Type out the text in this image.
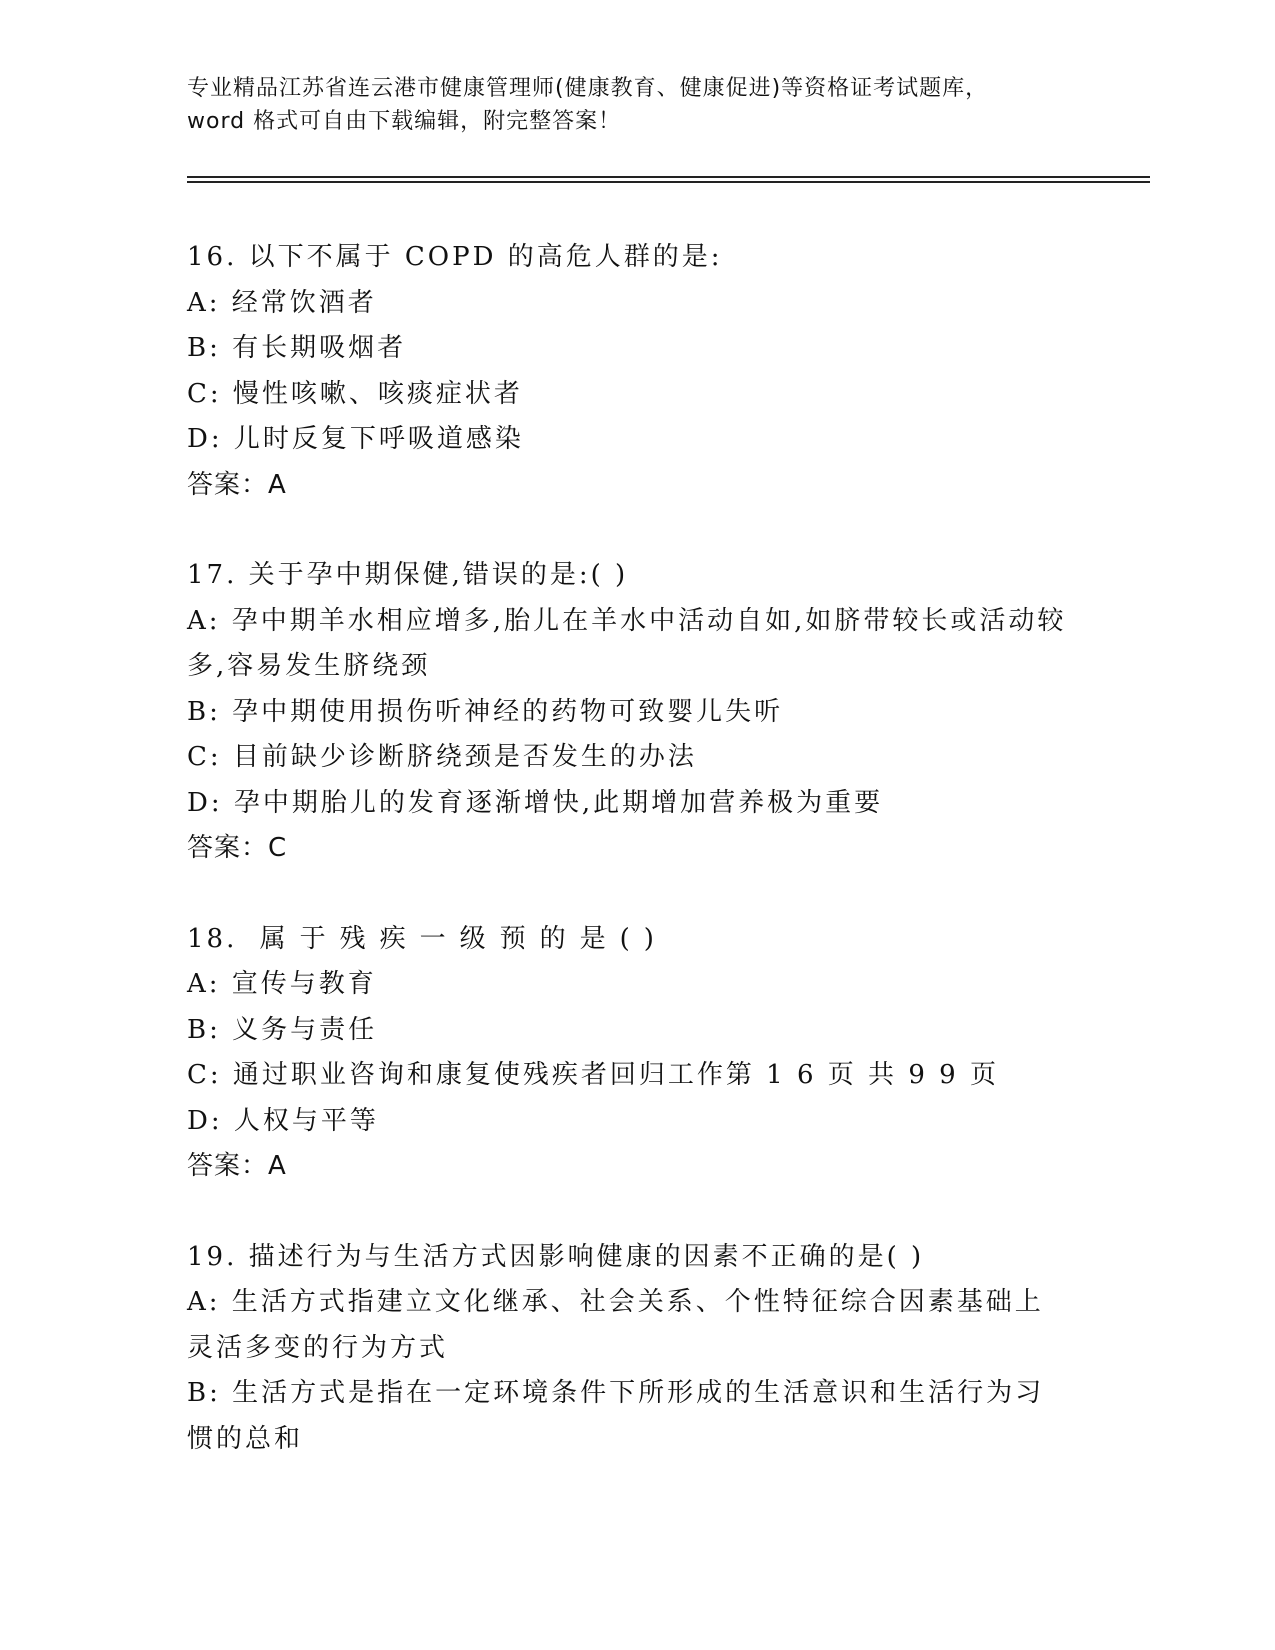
专业精品江苏省连云港市健康管理师(健康教育、健康促进)等资格证考试题库，
word 格式可自由下载编辑，附完整答案！
16. 以下不属于 COPD 的高危人群的是:
A: 经常饮酒者
B: 有长期吸烟者
C: 慢性咳嗽、咳痰症状者
D: 儿时反复下呼吸道感染
答案：A
17. 关于孕中期保健,错误的是:( )
A: 孕中期羊水相应增多,胎儿在羊水中活动自如,如脐带较长或活动较多,容易发生脐绕颈
B: 孕中期使用损伤听神经的药物可致婴儿失听
C: 目前缺少诊断脐绕颈是否发生的办法
D: 孕中期胎儿的发育逐渐增快,此期增加营养极为重要
答案：C
18. 属于残疾一级预的是()
A: 宣传与教育
B: 义务与责任
C: 通过职业咨询和康复使残疾者回归工作第 1 6 页 共 9 9 页
D: 人权与平等
答案：A
19. 描述行为与生活方式因影响健康的因素不正确的是( )
A: 生活方式指建立文化继承、社会关系、个性特征综合因素基础上灵活多变的行为方式
B: 生活方式是指在一定环境条件下所形成的生活意识和生活行为习惯的总和
